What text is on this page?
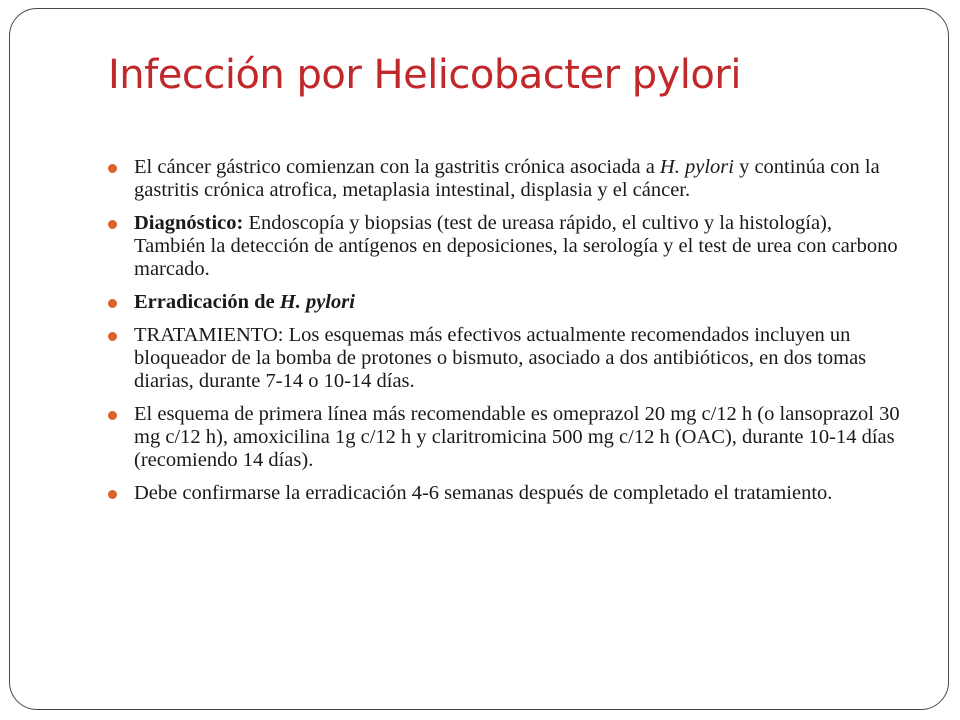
Infección por Helicobacter pylori
El cáncer gástrico comienzan con la gastritis crónica asociada a H. pylori y continúa con la gastritis crónica atrofica, metaplasia intestinal, displasia y el cáncer.
Diagnóstico: Endoscopía y biopsias (test de ureasa rápido, el cultivo y la histología), También la detección de antígenos en deposiciones, la serología y el test de urea con carbono marcado.
Erradicación de H. pylori
TRATAMIENTO: Los esquemas más efectivos actualmente recomendados incluyen un bloqueador de la bomba de protones o bismuto, asociado a dos antibióticos, en dos tomas diarias, durante 7-14 o 10-14 días.
El esquema de primera línea más recomendable es omeprazol 20 mg c/12 h (o lansoprazol 30 mg c/12 h), amoxicilina 1g c/12 h y claritromicina 500 mg c/12 h (OAC), durante 10-14 días (recomiendo 14 días).
Debe confirmarse la erradicación 4-6 semanas después de completado el tratamiento.
